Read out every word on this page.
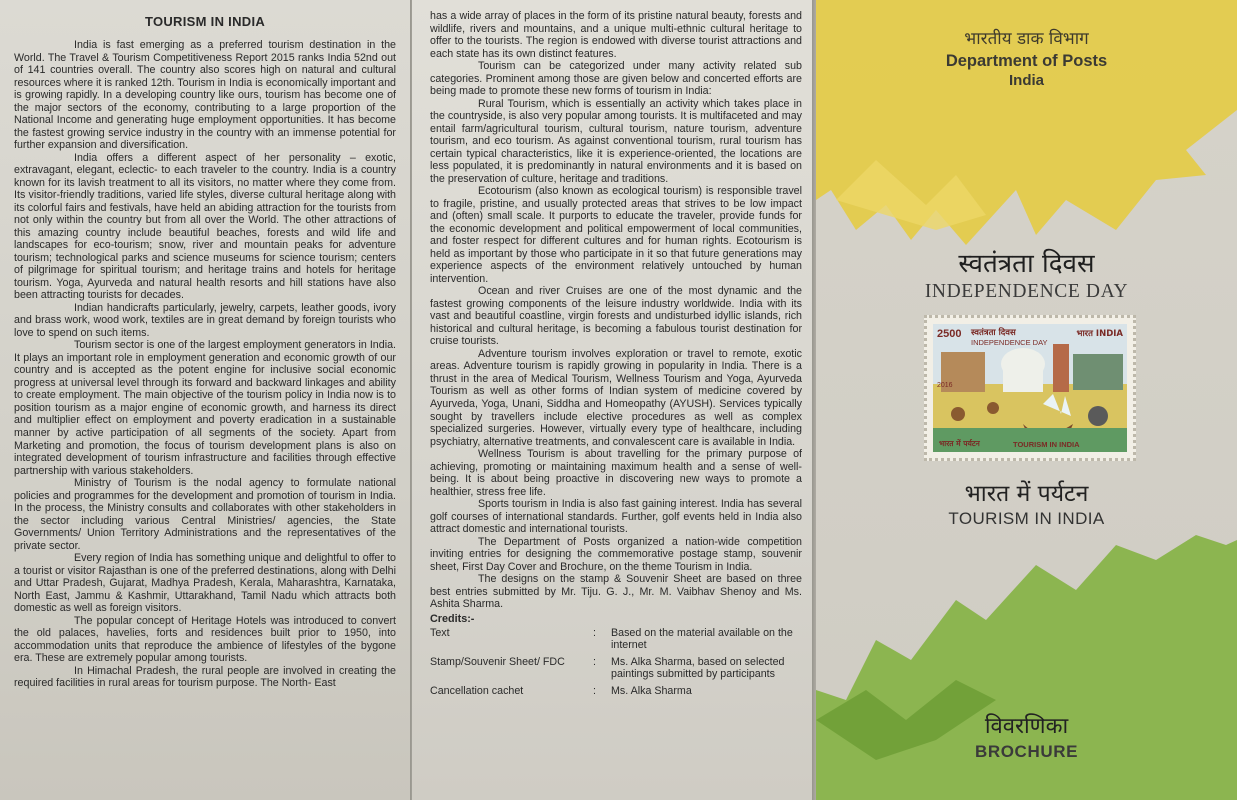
TOURISM IN INDIA

India is fast emerging as a preferred tourism destination in the World. The Travel & Tourism Competitiveness Report 2015 ranks India 52nd out of 141 countries overall. The country also scores high on natural and cultural resources where it is ranked 12th. Tourism in India is economically important and is growing rapidly. In a developing country like ours, tourism has become one of the major sectors of the economy, contributing to a large proportion of the National Income and generating huge employment opportunities. It has become the fastest growing service industry in the country with an immense potential for further expansion and diversification.

India offers a different aspect of her personality – exotic, extravagant, elegant, eclectic- to each traveler to the country. India is a country known for its lavish treatment to all its visitors, no matter where they come from. Its visitor-friendly traditions, varied life styles, diverse cultural heritage along with its colorful fairs and festivals, have held an abiding attraction for the tourists from not only within the country but from all over the World. The other attractions of this amazing country include beautiful beaches, forests and wild life and landscapes for eco-tourism; snow, river and mountain peaks for adventure tourism; technological parks and science museums for science tourism; centers of pilgrimage for spiritual tourism; and heritage trains and hotels for heritage tourism. Yoga, Ayurveda and natural health resorts and hill stations have also been attracting tourists for decades.

Indian handicrafts particularly, jewelry, carpets, leather goods, ivory and brass work, wood work, textiles are in great demand by foreign tourists who love to spend on such items.

Tourism sector is one of the largest employment generators in India. It plays an important role in employment generation and economic growth of our country and is accepted as the potent engine for inclusive social economic progress at universal level through its forward and backward linkages and ability to create employment. The main objective of the tourism policy in India now is to position tourism as a major engine of economic growth, and harness its direct and multiplier effect on employment and poverty eradication in a sustainable manner by active participation of all segments of the society. Apart from Marketing and promotion, the focus of tourism development plans is also on integrated development of tourism infrastructure and facilities through effective partnership with various stakeholders.

Ministry of Tourism is the nodal agency to formulate national policies and programmes for the development and promotion of tourism in India. In the process, the Ministry consults and collaborates with other stakeholders in the sector including various Central Ministries/ agencies, the State Governments/ Union Territory Administrations and the representatives of the private sector.

Every region of India has something unique and delightful to offer to a tourist or visitor Rajasthan is one of the preferred destinations, along with Delhi and Uttar Pradesh, Gujarat, Madhya Pradesh, Kerala, Maharashtra, Karnataka, North East, Jammu & Kashmir, Uttarakhand, Tamil Nadu which attracts both domestic as well as foreign visitors.

The popular concept of Heritage Hotels was introduced to convert the old palaces, havelies, forts and residences built prior to 1950, into accommodation units that reproduce the ambience of lifestyles of the bygone era. These are extremely popular among tourists.

In Himachal Pradesh, the rural people are involved in creating the required facilities in rural areas for tourism purpose. The North- East

has a wide array of places in the form of its pristine natural beauty, forests and wildlife, rivers and mountains, and a unique multi-ethnic cultural heritage to offer to the tourists. The region is endowed with diverse tourist attractions and each state has its own distinct features.

Tourism can be categorized under many activity related sub categories. Prominent among those are given below and concerted efforts are being made to promote these new forms of tourism in India:

Rural Tourism, which is essentially an activity which takes place in the countryside, is also very popular among tourists. It is multifaceted and may entail farm/agricultural tourism, cultural tourism, nature tourism, adventure tourism, and eco tourism. As against conventional tourism, rural tourism has certain typical characteristics, like it is experience-oriented, the locations are less populated, it is predominantly in natural environments and it is based on the preservation of culture, heritage and traditions.

Ecotourism (also known as ecological tourism) is responsible travel to fragile, pristine, and usually protected areas that strives to be low impact and (often) small scale. It purports to educate the traveler, provide funds for the economic development and political empowerment of local communities, and foster respect for different cultures and for human rights. Ecotourism is held as important by those who participate in it so that future generations may experience aspects of the environment relatively untouched by human intervention.

Ocean and river Cruises are one of the most dynamic and the fastest growing components of the leisure industry worldwide. India with its vast and beautiful coastline, virgin forests and undisturbed idyllic islands, rich historical and cultural heritage, is becoming a fabulous tourist destination for cruise tourists.

Adventure tourism involves exploration or travel to remote, exotic areas. Adventure tourism is rapidly growing in popularity in India. There is a thrust in the area of Medical Tourism, Wellness Tourism and Yoga, Ayurveda Tourism as well as other forms of Indian system of medicine covered by Ayurveda, Yoga, Unani, Siddha and Homeopathy (AYUSH). Services typically sought by travellers include elective procedures as well as complex specialized surgeries. However, virtually every type of healthcare, including psychiatry, alternative treatments, and convalescent care is available in India.

Wellness Tourism is about travelling for the primary purpose of achieving, promoting or maintaining maximum health and a sense of well-being. It is about being proactive in discovering new ways to promote a healthier, stress free life.

Sports tourism in India is also fast gaining interest. India has several golf courses of international standards. Further, golf events held in India also attract domestic and international tourists.

The Department of Posts organized a nation-wide competition inviting entries for designing the commemorative postage stamp, souvenir sheet, First Day Cover and Brochure, on the theme Tourism in India.

The designs on the stamp & Souvenir Sheet are based on three best entries submitted by Mr. Tiju. G. J., Mr. M. Vaibhav Shenoy and Ms. Ashita Sharma.

Credits:-
Text	:	Based on the material available on the internet
Stamp/Souvenir Sheet/ FDC	:	Ms. Alka Sharma, based on selected paintings submitted by participants
Cancellation cachet	:	Ms. Alka Sharma
भारतीय डाक विभाग
Department of Posts
India
स्वतंत्रता दिवस
INDEPENDENCE DAY
2500 स्वतंत्रता दिवस
INDEPENDENCE DAY
भारत INDIA
2016
भारत में पर्यटन	TOURISM IN INDIA
भारत में पर्यटन
TOURISM IN INDIA
विवरणिका
BROCHURE
